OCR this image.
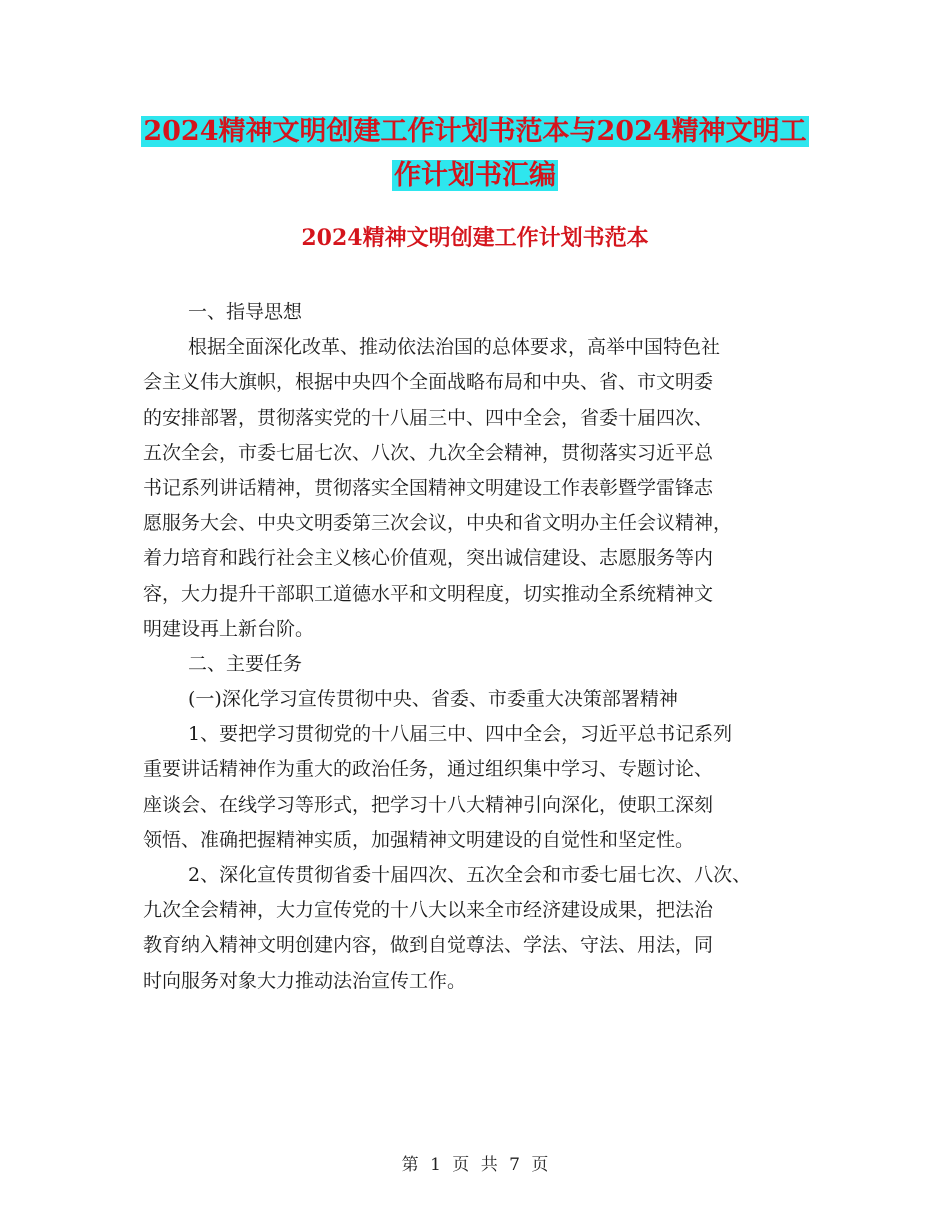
2024精神文明创建工作计划书范本与2024精神文明工
作计划书汇编
2024精神文明创建工作计划书范本
一、指导思想
根据全面深化改革、推动依法治国的总体要求，高举中国特色社
会主义伟大旗帜，根据中央四个全面战略布局和中央、省、市文明委
的安排部署，贯彻落实党的十八届三中、四中全会，省委十届四次、
五次全会，市委七届七次、八次、九次全会精神，贯彻落实习近平总
书记系列讲话精神，贯彻落实全国精神文明建设工作表彰暨学雷锋志
愿服务大会、中央文明委第三次会议，中央和省文明办主任会议精神，
着力培育和践行社会主义核心价值观，突出诚信建设、志愿服务等内
容，大力提升干部职工道德水平和文明程度，切实推动全系统精神文
明建设再上新台阶。
二、主要任务
(一)深化学习宣传贯彻中央、省委、市委重大决策部署精神
1、要把学习贯彻党的十八届三中、四中全会，习近平总书记系列
重要讲话精神作为重大的政治任务，通过组织集中学习、专题讨论、
座谈会、在线学习等形式，把学习十八大精神引向深化，使职工深刻
领悟、准确把握精神实质，加强精神文明建设的自觉性和坚定性。
2、深化宣传贯彻省委十届四次、五次全会和市委七届七次、八次、
九次全会精神，大力宣传党的十八大以来全市经济建设成果，把法治
教育纳入精神文明创建内容，做到自觉尊法、学法、守法、用法，同
时向服务对象大力推动法治宣传工作。
第 1 页 共 7 页
